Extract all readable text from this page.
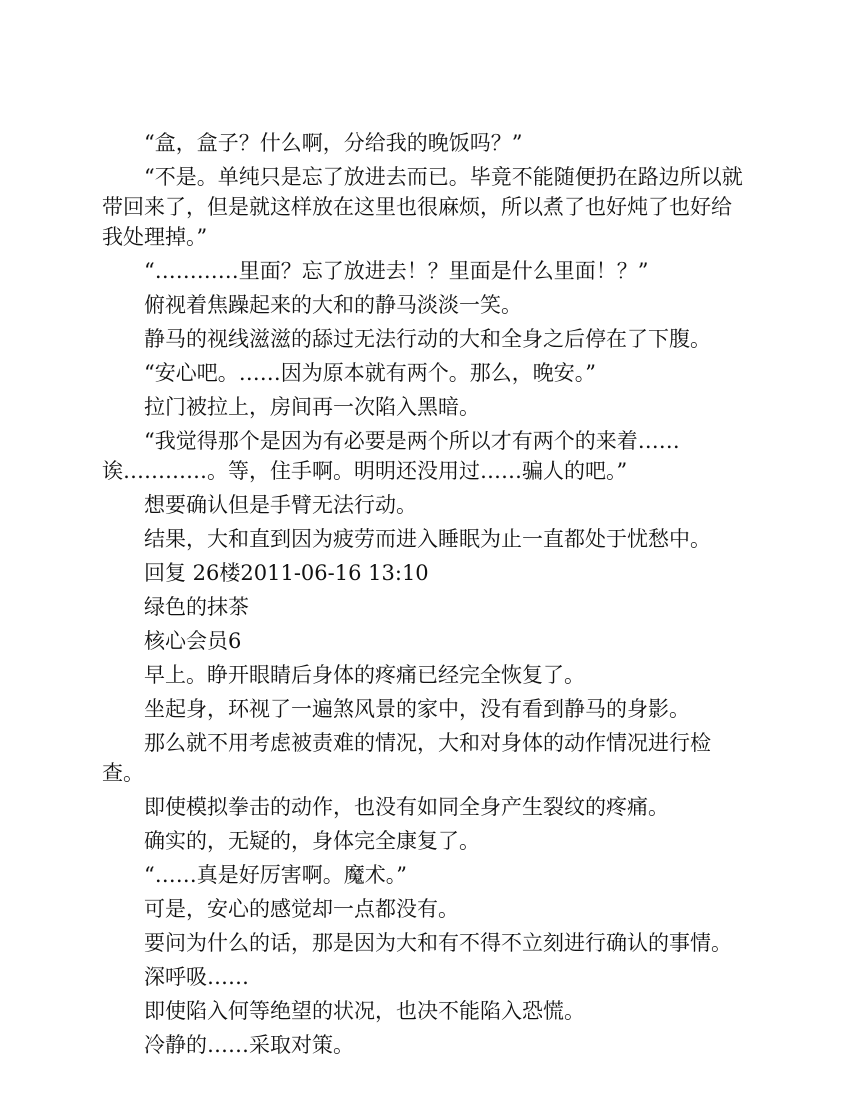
“盒，盒子？什么啊，分给我的晚饭吗？”

“不是。单纯只是忘了放进去而已。毕竟不能随便扔在路边所以就带回来了，但是就这样放在这里也很麻烦，所以煮了也好炖了也好给我处理掉。”

“…………里面？忘了放进去！？里面是什么里面！？”

俯视着焦躁起来的大和的静马淡淡一笑。

静马的视线滋滋的舔过无法行动的大和全身之后停在了下腹。

“安心吧。……因为原本就有两个。那么，晚安。”

拉门被拉上，房间再一次陷入黑暗。

“我觉得那个是因为有必要是两个所以才有两个的来着……诶…………。等，住手啊。明明还没用过……骗人的吧。”

想要确认但是手臂无法行动。

结果，大和直到因为疲劳而进入睡眠为止一直都处于忧愁中。

回复 26楼2011-06-16 13:10

绿色的抹茶

核心会员6

早上。睁开眼睛后身体的疼痛已经完全恢复了。

坐起身，环视了一遍煞风景的家中，没有看到静马的身影。

那么就不用考虑被责难的情况，大和对身体的动作情况进行检查。

即使模拟拳击的动作，也没有如同全身产生裂纹的疼痛。

确实的，无疑的，身体完全康复了。

“……真是好厉害啊。魔术。”

可是，安心的感觉却一点都没有。

要问为什么的话，那是因为大和有不得不立刻进行确认的事情。

深呼吸……

即使陷入何等绝望的状况，也决不能陷入恐慌。

冷静的……采取对策。
